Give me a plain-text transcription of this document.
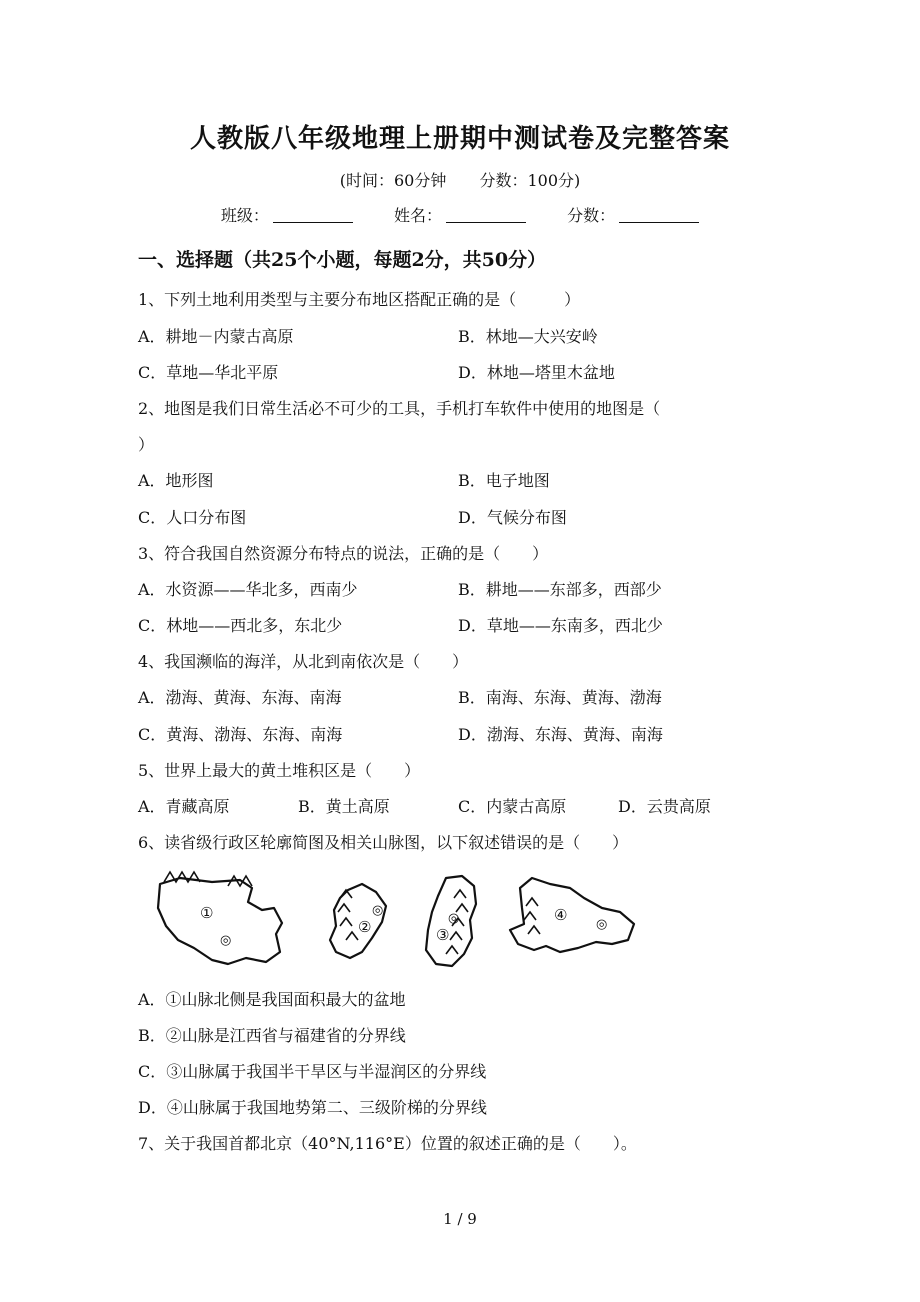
人教版八年级地理上册期中测试卷及完整答案
(时间：60分钟 分数：100分)
班级：	姓名：	分数：
一、选择题（共25个小题，每题2分，共50分）
1、下列土地利用类型与主要分布地区搭配正确的是（　　　）
A．耕地－内蒙古高原	B．林地—大兴安岭
C．草地—华北平原	D．林地—塔里木盆地
2、地图是我们日常生活必不可少的工具，手机打车软件中使用的地图是（
）
A．地形图	B．电子地图
C．人口分布图	D．气候分布图
3、符合我国自然资源分布特点的说法，正确的是（　　）
A．水资源——华北多，西南少	B．耕地——东部多，西部少
C．林地——西北多，东北少	D．草地——东南多，西北少
4、我国濒临的海洋，从北到南依次是（　　）
A．渤海、黄海、东海、南海	B．南海、东海、黄海、渤海
C．黄海、渤海、东海、南海	D．渤海、东海、黄海、南海
5、世界上最大的黄土堆积区是（　　）
A．青藏高原	B．黄土高原	C．内蒙古高原	D．云贵高原
6、读省级行政区轮廓简图及相关山脉图，以下叙述错误的是（　　）
①
②	③
④
◎
◎
◎	◎
A．①山脉北侧是我国面积最大的盆地
B．②山脉是江西省与福建省的分界线
C．③山脉属于我国半干旱区与半湿润区的分界线
D．④山脉属于我国地势第二、三级阶梯的分界线
7、关于我国首都北京（40°N,116°E）位置的叙述正确的是（　　）。
1 / 9
